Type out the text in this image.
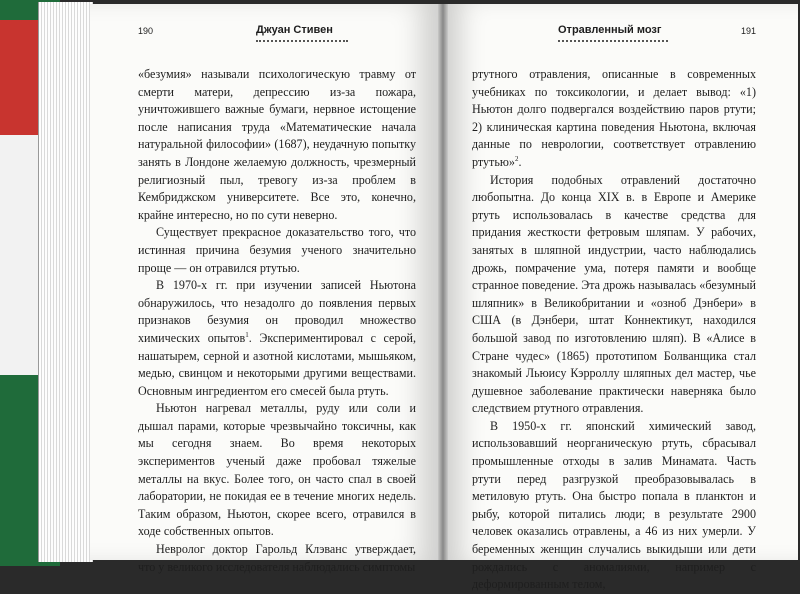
190	Джуан Стивен

«безумия» называли психологическую травму от смерти матери, депрессию из-за пожара, уничтожившего важные бумаги, нервное истощение после написания труда «Математические начала натуральной философии» (1687), неудачную попытку занять в Лондоне желаемую должность, чрезмерный религиозный пыл, тревогу из-за проблем в Кембриджском университете. Все это, конечно, крайне интересно, но по сути неверно.

Существует прекрасное доказательство того, что истинная причина безумия ученого значительно проще — он отравился ртутью.

В 1970-х гг. при изучении записей Ньютона обнаружилось, что незадолго до появления первых признаков безумия он проводил множество химических опытов$^1$. Экспериментировал с серой, нашатырем, серной и азотной кислотами, мышьяком, медью, свинцом и некоторыми другими веществами. Основным ингредиентом его смесей была ртуть.

Ньютон нагревал металлы, руду или соли и дышал парами, которые чрезвычайно токсичны, как мы сегодня знаем. Во время некоторых экспериментов ученый даже пробовал тяжелые металлы на вкус. Более того, он часто спал в своей лаборатории, не покидая ее в течение многих недель. Таким образом, Ньютон, скорее всего, отравился в ходе собственных опытов.

Невролог доктор Гарольд Клэванс утверждает, что у великого исследователя наблюдались симптомы

Отравленный мозг	191

ртутного отравления, описанные в современных учебниках по токсикологии, и делает вывод: «1) Ньютон долго подвергался воздействию паров ртути; 2) клиническая картина поведения Ньютона, включая данные по неврологии, соответствует отравлению ртутью»$^2$.

История подобных отравлений достаточно любопытна. До конца XIX в. в Европе и Америке ртуть использовалась в качестве средства для придания жесткости фетровым шляпам. У рабочих, занятых в шляпной индустрии, часто наблюдались дрожь, помрачение ума, потеря памяти и вообще странное поведение. Эта дрожь называлась «безумный шляпник» в Великобритании и «озноб Дэнбери» в США (в Дэнбери, штат Коннектикут, находился большой завод по изготовлению шляп). В «Алисе в Стране чудес» (1865) прототипом Болванщика стал знакомый Льюису Кэрроллу шляпных дел мастер, чье душевное заболевание практически наверняка было следствием ртутного отравления.

В 1950-х гг. японский химический завод, использовавший неорганическую ртуть, сбрасывал промышленные отходы в залив Минамата. Часть ртути перед разгрузкой преобразовывалась в метиловую ртуть. Она быстро попала в планктон и рыбу, которой питались люди; в результате 2900 человек оказались отравлены, а 46 из них умерли. У беременных женщин случались выкидыши или дети рождались с аномалиями, например с деформированным телом,
